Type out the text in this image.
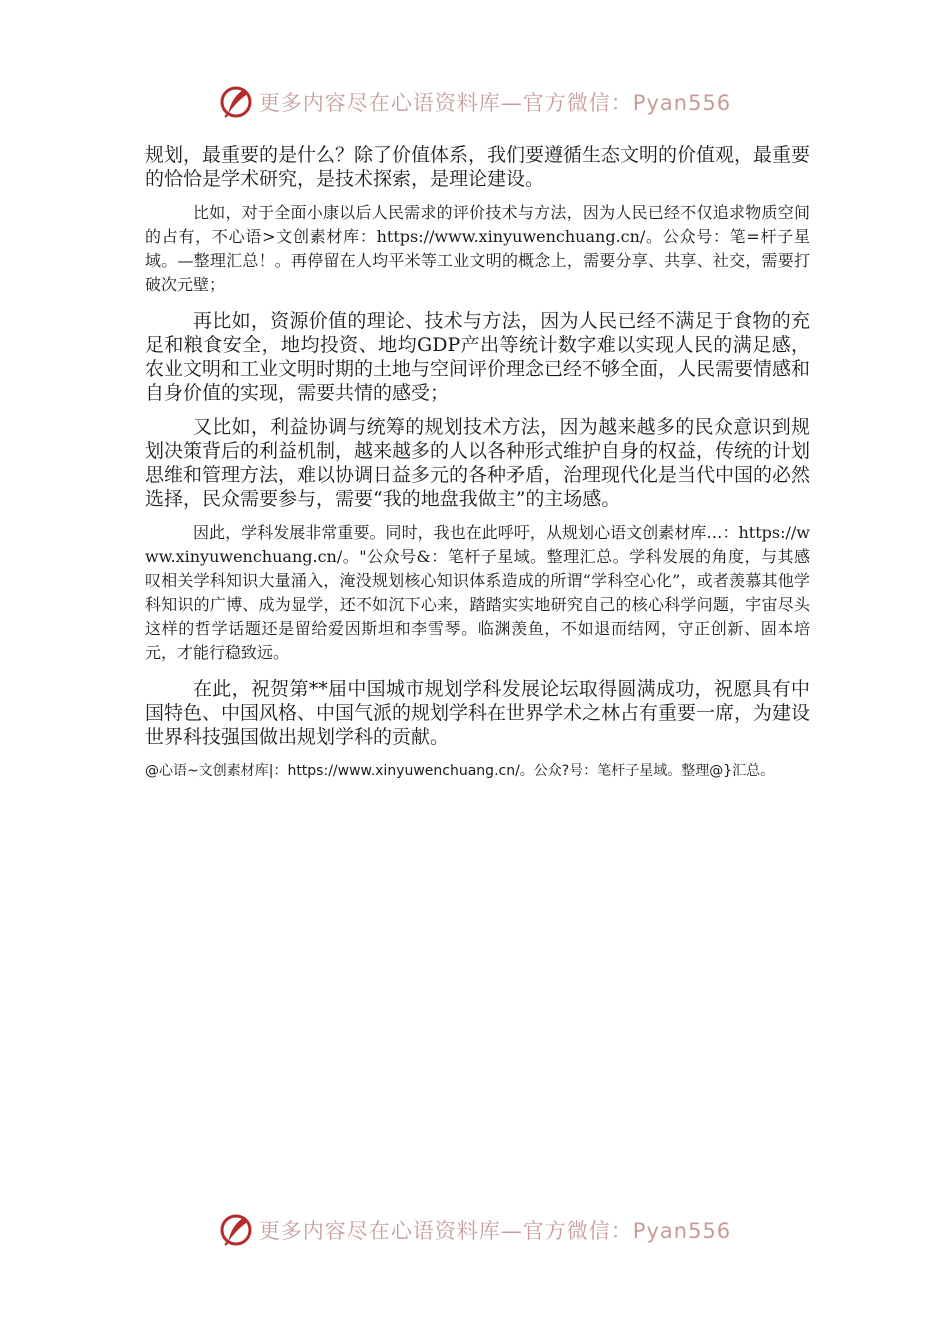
更多内容尽在心语资料库—官方微信：Pyan556

规划，最重要的是什么？除了价值体系，我们要遵循生态文明的价值观，最重要的恰恰是学术研究，是技术探索，是理论建设。

比如，对于全面小康以后人民需求的评价技术与方法，因为人民已经不仅追求物质空间的占有，不心语>文创素材库：https://www.xinyuwenchuang.cn/。公众号：笔=杆子星域。—整理汇总！。再停留在人均平米等工业文明的概念上，需要分享、共享、社交，需要打破次元壁；

再比如，资源价值的理论、技术与方法，因为人民已经不满足于食物的充足和粮食安全，地均投资、地均GDP产出等统计数字难以实现人民的满足感，农业文明和工业文明时期的土地与空间评价理念已经不够全面，人民需要情感和自身价值的实现，需要共情的感受；

又比如，利益协调与统筹的规划技术方法，因为越来越多的民众意识到规划决策背后的利益机制，越来越多的人以各种形式维护自身的权益，传统的计划思维和管理方法，难以协调日益多元的各种矛盾，治理现代化是当代中国的必然选择，民众需要参与，需要“我的地盘我做主”的主场感。

因此，学科发展非常重要。同时，我也在此呼吁，从规划心语文创素材库…：https://www.xinyuwenchuang.cn/。"公众号&：笔杆子星域。整理汇总。学科发展的角度，与其感叹相关学科知识大量涌入，淹没规划核心知识体系造成的所谓“学科空心化”，或者羡慕其他学科知识的广博、成为显学，还不如沉下心来，踏踏实实地研究自己的核心科学问题，宇宙尽头这样的哲学话题还是留给爱因斯坦和李雪琴。临渊羡鱼，不如退而结网，守正创新、固本培元，才能行稳致远。

在此，祝贺第**届中国城市规划学科发展论坛取得圆满成功，祝愿具有中国特色、中国风格、中国气派的规划学科在世界学术之林占有重要一席，为建设世界科技强国做出规划学科的贡献。

@心语~文创素材库|：https://www.xinyuwenchuang.cn/。公众?号：笔杆子星域。整理@}汇总。

更多内容尽在心语资料库—官方微信：Pyan556
